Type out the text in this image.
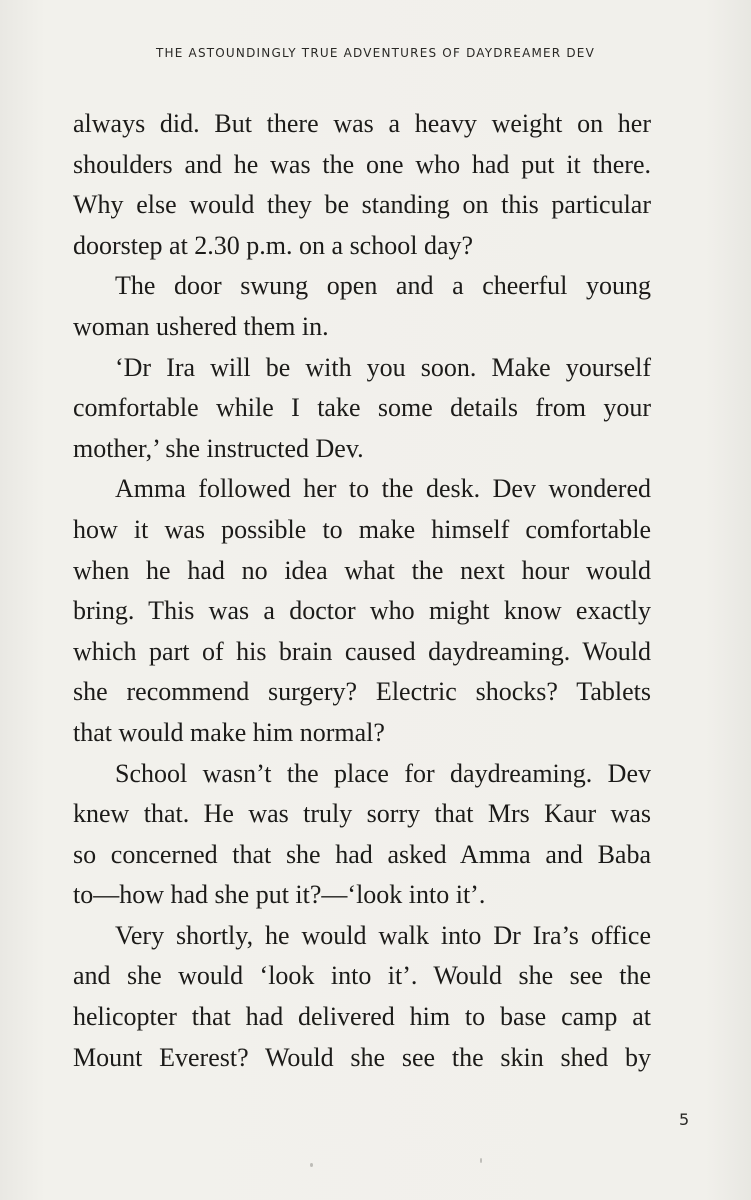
THE ASTOUNDINGLY TRUE ADVENTURES OF DAYDREAMER DEV

always did. But there was a heavy weight on her
shoulders and he was the one who had put it there.
Why else would they be standing on this particular
doorstep at 2.30 p.m. on a school day?

The door swung open and a cheerful young
woman ushered them in.

‘Dr Ira will be with you soon. Make yourself
comfortable while I take some details from your
mother,’ she instructed Dev.

Amma followed her to the desk. Dev wondered
how it was possible to make himself comfortable
when he had no idea what the next hour would
bring. This was a doctor who might know exactly
which part of his brain caused daydreaming. Would
she recommend surgery? Electric shocks? Tablets
that would make him normal?

School wasn’t the place for daydreaming. Dev
knew that. He was truly sorry that Mrs Kaur was
so concerned that she had asked Amma and Baba
to—how had she put it?—‘look into it’.

Very shortly, he would walk into Dr Ira’s office
and she would ‘look into it’. Would she see the
helicopter that had delivered him to base camp at
Mount Everest? Would she see the skin shed by

5
